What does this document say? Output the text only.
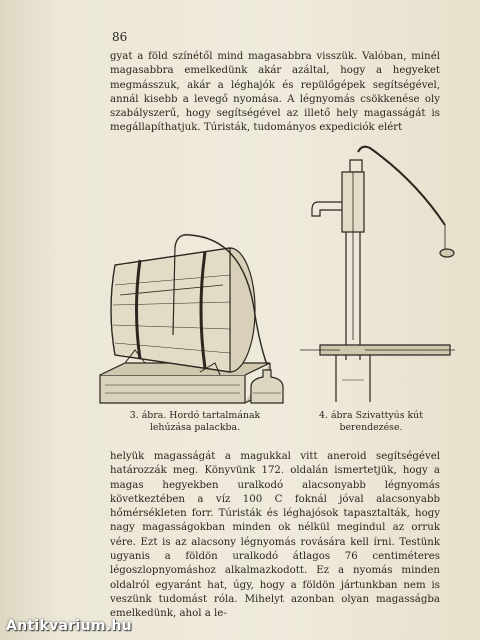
86

gyat a föld színétől mind magasabbra visszük. Valóban, minél magasabbra emelkedünk akár azáltal, hogy a hegyeket megmásszuk, akár a léghajók és repülőgépek segítségével, annál kisebb a levegő nyomása. A légnyomás csökkenése oly szabályszerű, hogy segítségével az illető hely magasságát is megállapíthatjuk. Túristák, tudományos expediciók elért

3. ábra. Hordó tartalmának lehúzása palackba.
4. ábra Szivattyús kút berendezése.

helyük magasságát a magukkal vitt aneroid segítségével határozzák meg. Könyvünk 172. oldalán ismertetjük, hogy a magas hegyekben uralkodó alacsonyabb légnyomás következtében a víz 100 C foknál jóval alacsonyabb hőmérsékleten forr. Túristák és léghajósok tapasztalták, hogy nagy magasságokban minden ok nélkül megindul az orruk vére. Ezt is az alacsony légnyomás rovására kell írni. Testünk ugyanis a földön uralkodó átlagos 76 centiméteres légoszlopnyomáshoz alkalmazkodott. Ez a nyomás minden oldalról egyaránt hat, úgy, hogy a földön jártunkban nem is veszünk tudomást róla. Mihelyt azonban olyan magasságba emelkedünk, ahol a le-

Antikvarium.hu
